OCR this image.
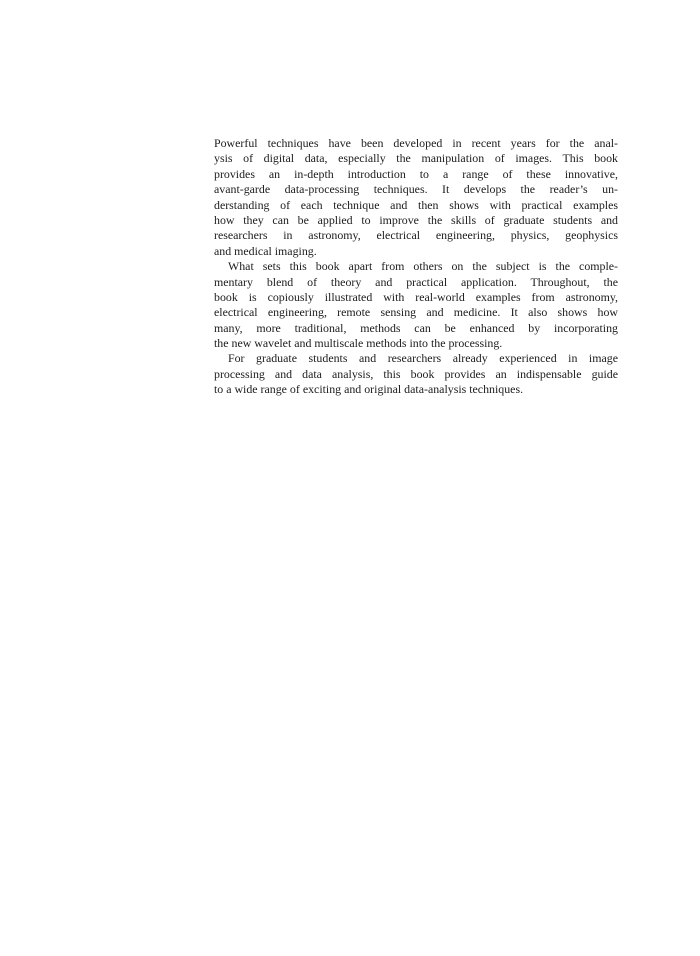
Powerful techniques have been developed in recent years for the anal-
ysis of digital data, especially the manipulation of images. This book
provides an in-depth introduction to a range of these innovative,
avant-garde data-processing techniques. It develops the reader’s un-
derstanding of each technique and then shows with practical examples
how they can be applied to improve the skills of graduate students and
researchers in astronomy, electrical engineering, physics, geophysics
and medical imaging.
What sets this book apart from others on the subject is the comple-
mentary blend of theory and practical application. Throughout, the
book is copiously illustrated with real-world examples from astronomy,
electrical engineering, remote sensing and medicine. It also shows how
many, more traditional, methods can be enhanced by incorporating
the new wavelet and multiscale methods into the processing.
For graduate students and researchers already experienced in image
processing and data analysis, this book provides an indispensable guide
to a wide range of exciting and original data-analysis techniques.
